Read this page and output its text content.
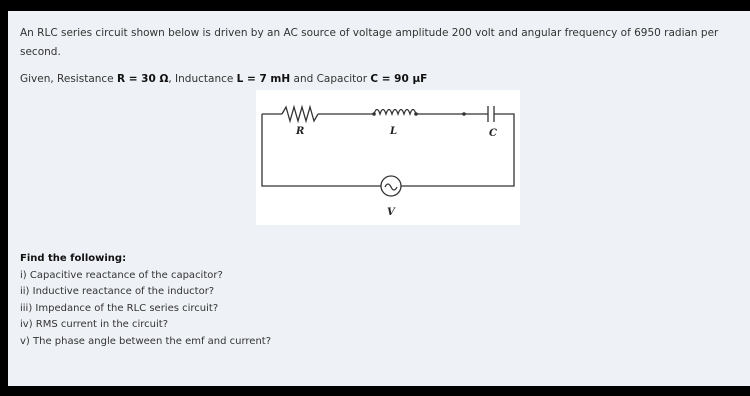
An RLC series circuit shown below is driven by an AC source of voltage amplitude 200 volt and angular frequency of 6950 radian per second.
Given, Resistance R = 30 Ω, Inductance L = 7 mH and Capacitor C = 90 μF
R	L	C
V
Find the following:
i) Capacitive reactance of the capacitor?
ii) Inductive reactance of the inductor?
iii) Impedance of the RLC series circuit?
iv) RMS current in the circuit?
v) The phase angle between the emf and current?
